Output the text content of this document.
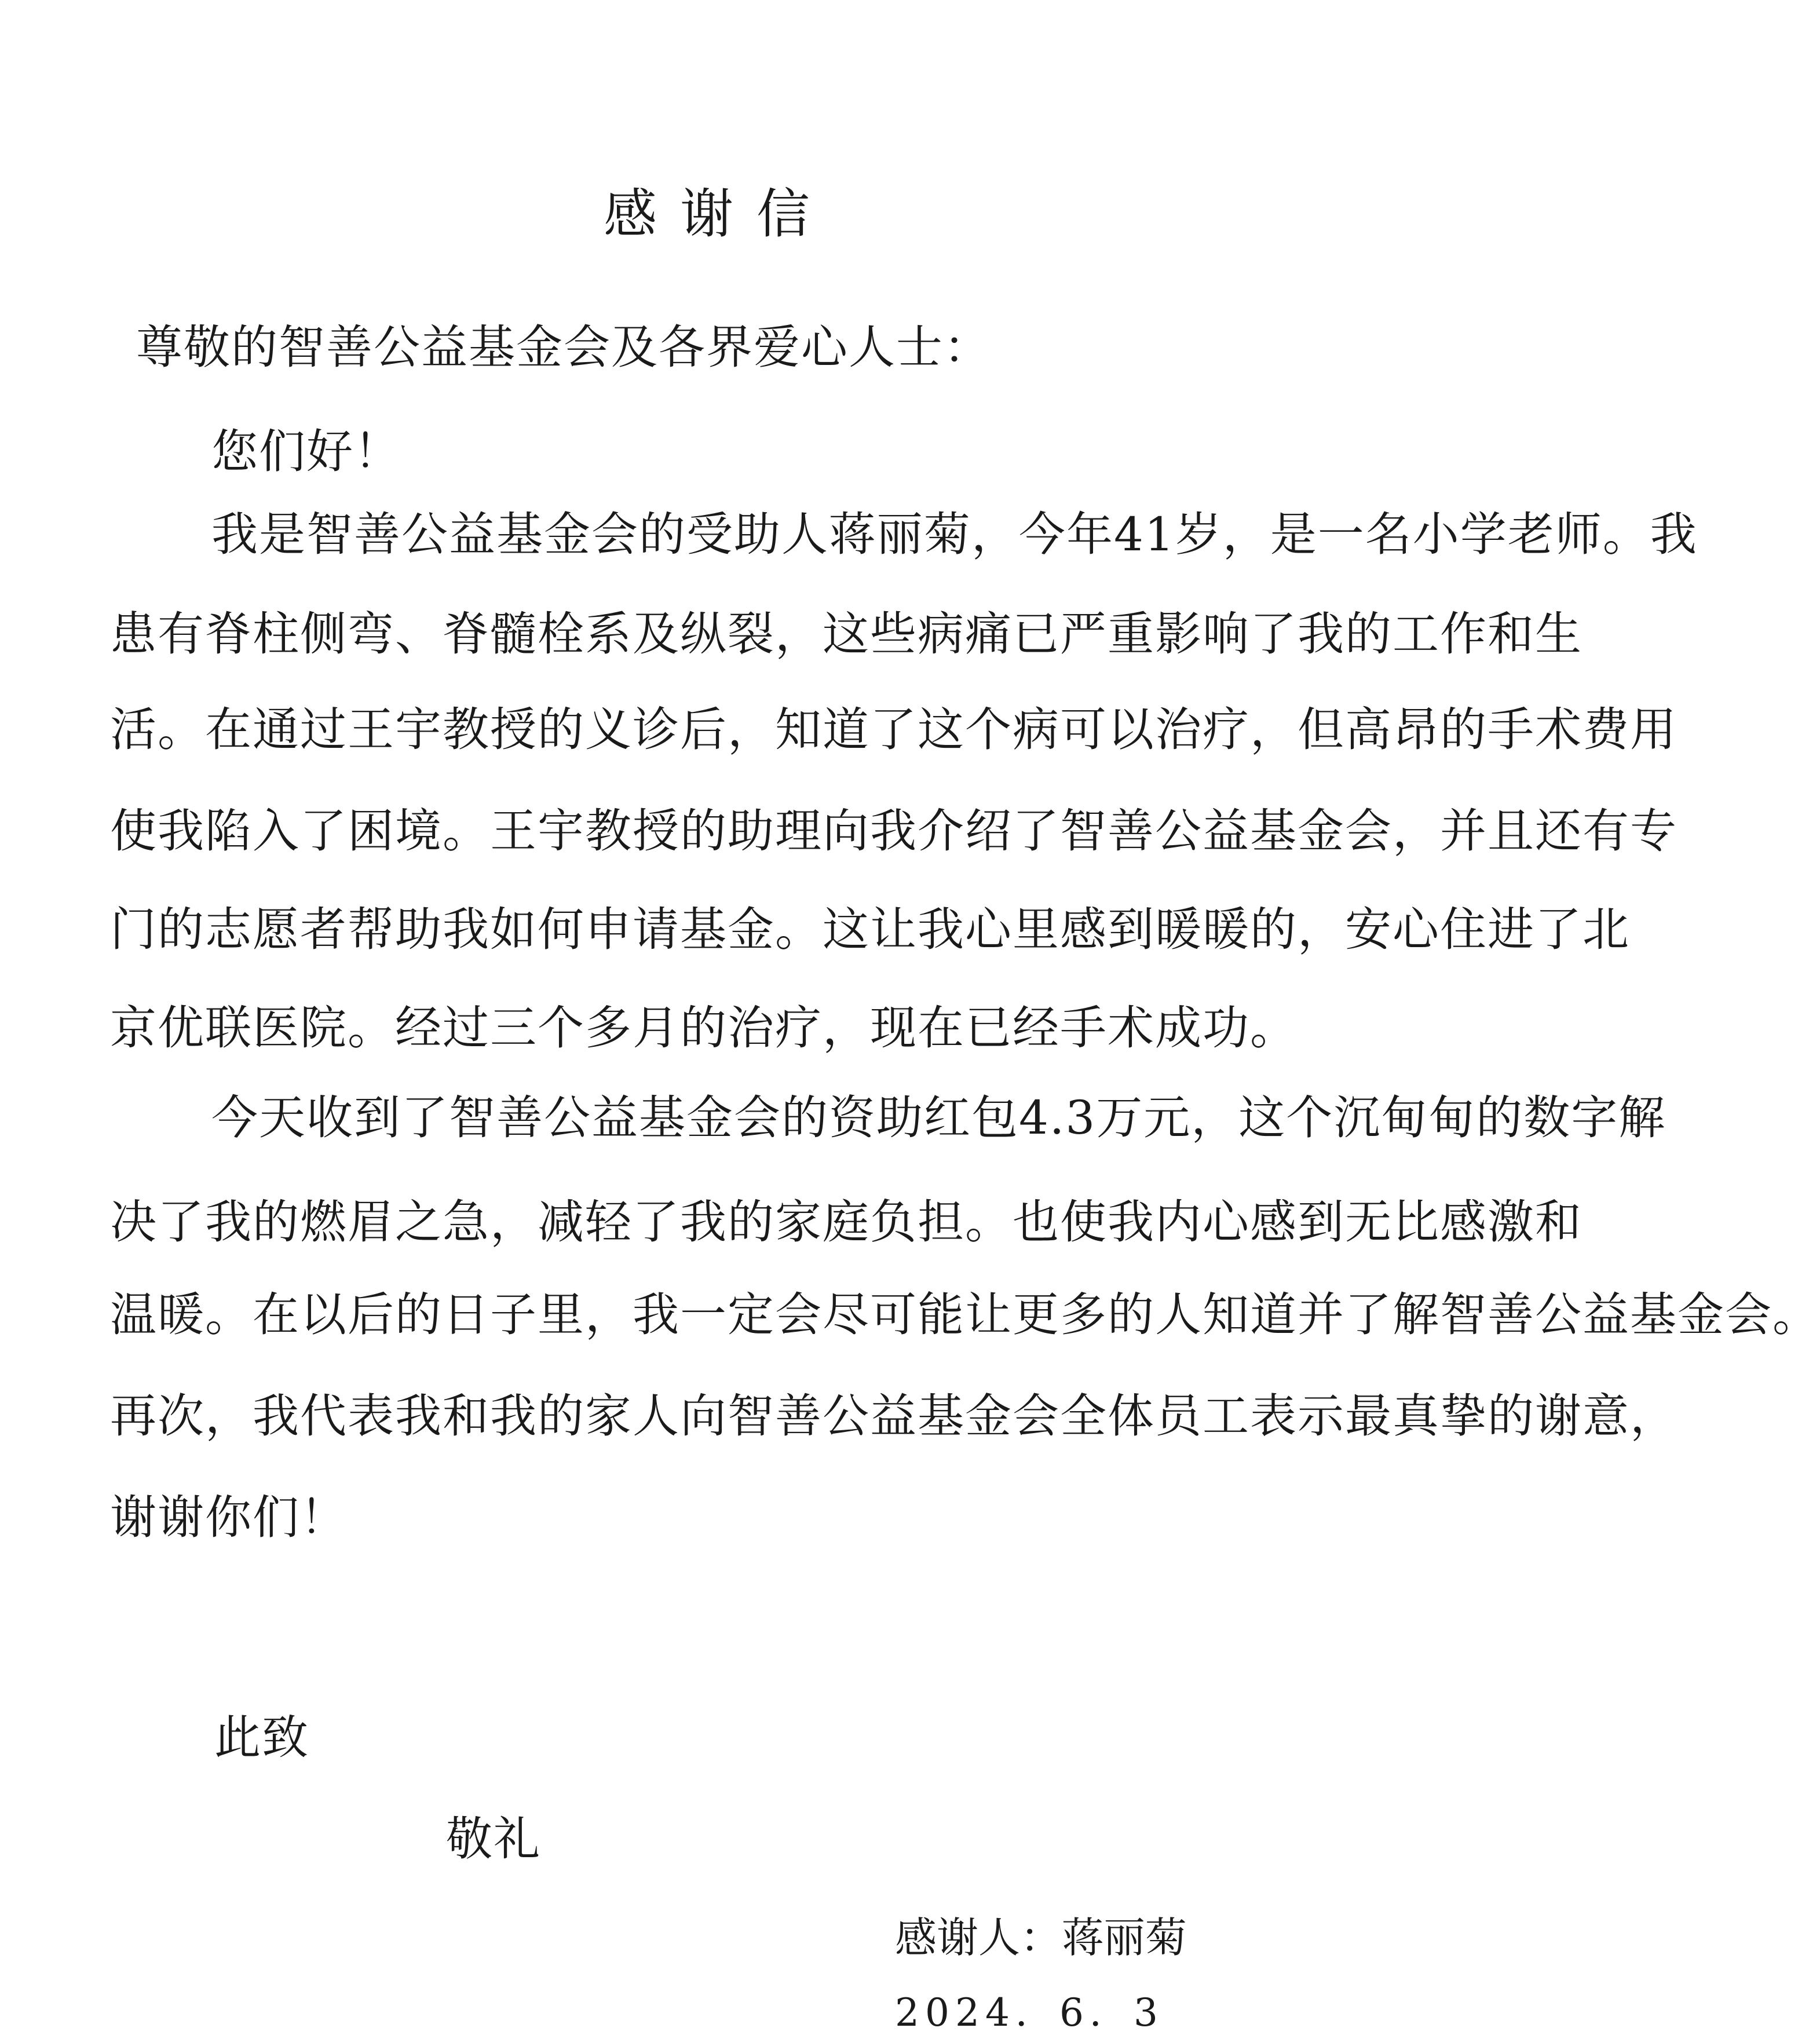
感谢信
尊敬的智善公益基金会及各界爱心人士：
您们好！
我是智善公益基金会的受助人蒋丽菊，今年41岁，是一名小学老师。我
患有脊柱侧弯、脊髓栓系及纵裂，这些病痛已严重影响了我的工作和生
活。在通过王宇教授的义诊后，知道了这个病可以治疗，但高昂的手术费用
使我陷入了困境。王宇教授的助理向我介绍了智善公益基金会，并且还有专
门的志愿者帮助我如何申请基金。这让我心里感到暖暖的，安心住进了北
京优联医院。经过三个多月的治疗，现在已经手术成功。
今天收到了智善公益基金会的资助红包4.3万元，这个沉甸甸的数字解
决了我的燃眉之急，减轻了我的家庭负担。也使我内心感到无比感激和
温暖。在以后的日子里，我一定会尽可能让更多的人知道并了解智善公益基金会。
再次，我代表我和我的家人向智善公益基金会全体员工表示最真挚的谢意，
谢谢你们！
此致
敬礼
感谢人：蒋丽菊
2024．6．3
